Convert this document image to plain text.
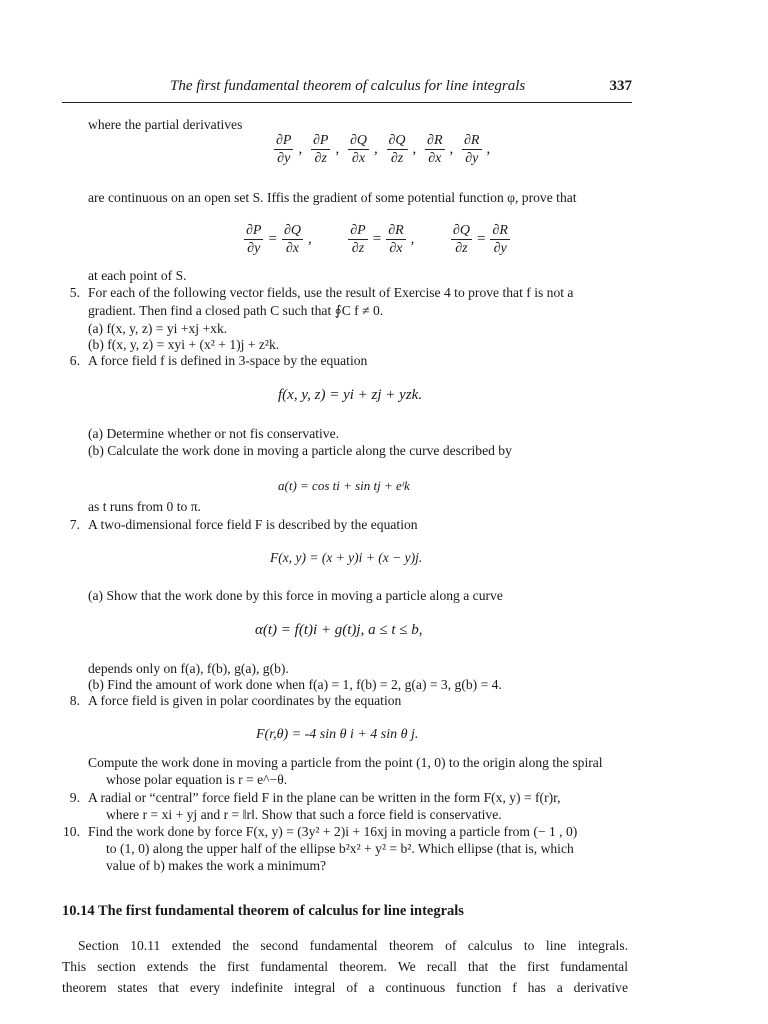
The first fundamental theorem of calculus for line integrals	337
where the partial derivatives
$\frac{\partial P}{\partial y}$ , $\frac{\partial P}{\partial z}$ , $\frac{\partial Q}{\partial x}$ , $\frac{\partial Q}{\partial z}$ , $\frac{\partial R}{\partial x}$ , $\frac{\partial R}{\partial y}$ ,
are continuous on an open set S. Iffis the gradient of some potential function φ, prove that
$\frac{\partial P}{\partial y} = \frac{\partial Q}{\partial x}$ ,	$\frac{\partial P}{\partial z} = \frac{\partial R}{\partial x}$ ,	$\frac{\partial Q}{\partial z} = \frac{\partial R}{\partial y}$
at each point of S.
5. For each of the following vector fields, use the result of Exercise 4 to prove that f is not a
gradient. Then find a closed path C such that ∮C f ≠ 0.
(a) f(x, y, z) = yi +xj +xk.
(b) f(x, y, z) = xyi + (x² + 1)j + z²k.
6. A force field f is defined in 3-space by the equation
f(x, y, z) = yi + zj + yzk.
(a) Determine whether or not fis conservative.
(b) Calculate the work done in moving a particle along the curve described by
a(t) = cos ti + sin tj + eᵗk
as t runs from 0 to π.
7. A two-dimensional force field F is described by the equation
F(x, y) = (x + y)i + (x − y)j.
(a) Show that the work done by this force in moving a particle along a curve
α(t) = f(t)i + g(t)j, a ≤ t ≤ b,
depends only on f(a), f(b), g(a), g(b).
(b) Find the amount of work done when f(a) = 1, f(b) = 2, g(a) = 3, g(b) = 4.
8. A force field is given in polar coordinates by the equation
F(r,θ) = -4 sin θ i + 4 sin θ j.
Compute the work done in moving a particle from the point (1, 0) to the origin along the spiral
whose polar equation is r = e^−θ.
9. A radial or “central” force field F in the plane can be written in the form F(x, y) = f(r)r,
where r = xi + yj and r = ‖r‖. Show that such a force field is conservative.
10. Find the work done by force F(x, y) = (3y² + 2)i + 16xj in moving a particle from (− 1 , 0)
to (1, 0) along the upper half of the ellipse b²x² + y² = b². Which ellipse (that is, which
value of b) makes the work a minimum?
10.14 The first fundamental theorem of calculus for line integrals
Section 10.11 extended the second fundamental theorem of calculus to line integrals.
This section extends the first fundamental theorem. We recall that the first fundamental
theorem states that every indefinite integral of a continuous function f has a derivative
